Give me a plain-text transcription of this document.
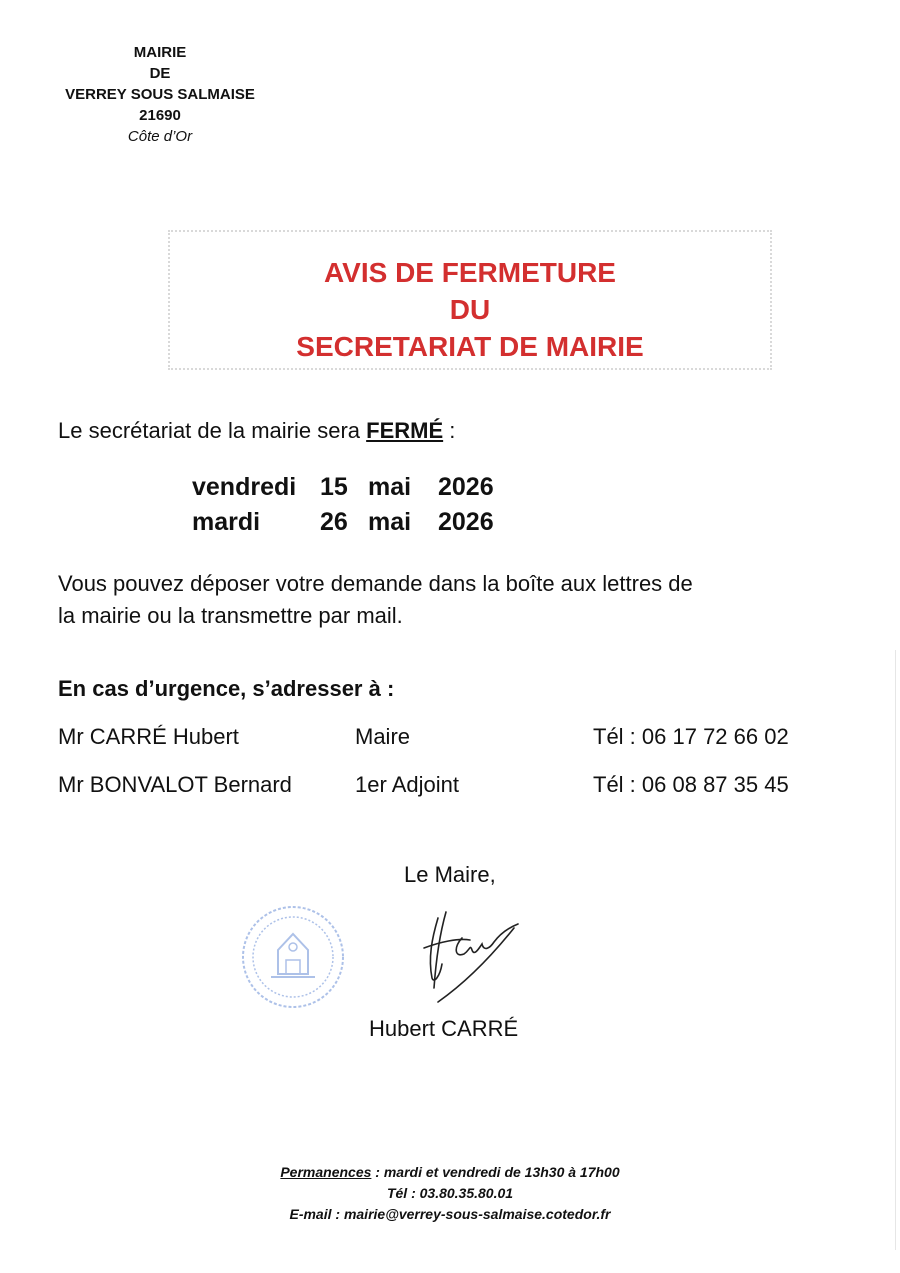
MAIRIE
DE
VERREY SOUS SALMAISE
21690
Côte d’Or
AVIS DE FERMETURE
DU
SECRETARIAT DE MAIRIE
Le secrétariat de la mairie sera FERMÉ :
vendredi 15 mai 2026
mardi 26 mai 2026
Vous pouvez déposer votre demande dans la boîte aux lettres de
la mairie ou la transmettre par mail.
En cas d’urgence, s’adresser à :
Mr CARRÉ Hubert	Maire	Tél : 06 17 72 66 02
Mr BONVALOT Bernard	1er Adjoint	Tél : 06 08 87 35 45
Le Maire,
Hubert CARRÉ
Permanences : mardi et vendredi de 13h30 à 17h00
Tél : 03.80.35.80.01
E-mail : mairie@verrey-sous-salmaise.cotedor.fr
